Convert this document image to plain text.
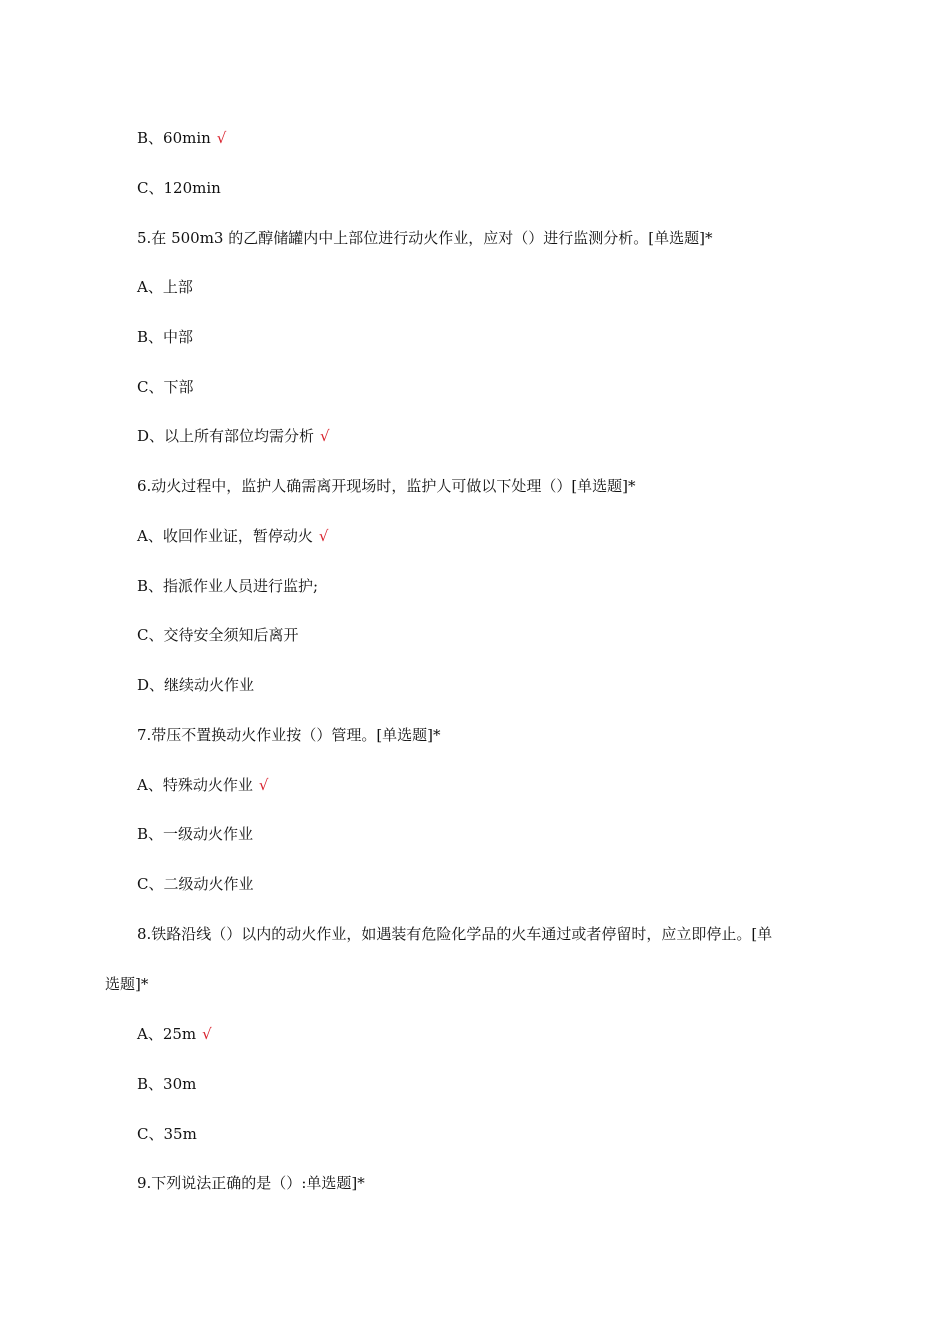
B、60min √
C、120min
5.在 500m3 的乙醇储罐内中上部位进行动火作业，应对（）进行监测分析。[单选题]*
A、上部
B、中部
C、下部
D、以上所有部位均需分析 √
6.动火过程中，监护人确需离开现场时，监护人可做以下处理（）[单选题]*
A、收回作业证，暂停动火 √
B、指派作业人员进行监护;
C、交待安全须知后离开
D、继续动火作业
7.带压不置换动火作业按（）管理。[单选题]*
A、特殊动火作业 √
B、一级动火作业
C、二级动火作业
8.铁路沿线（）以内的动火作业，如遇装有危险化学品的火车通过或者停留时，应立即停止。[单
选题]*
A、25m √
B、30m
C、35m
9.下列说法正确的是（）:单选题]*
